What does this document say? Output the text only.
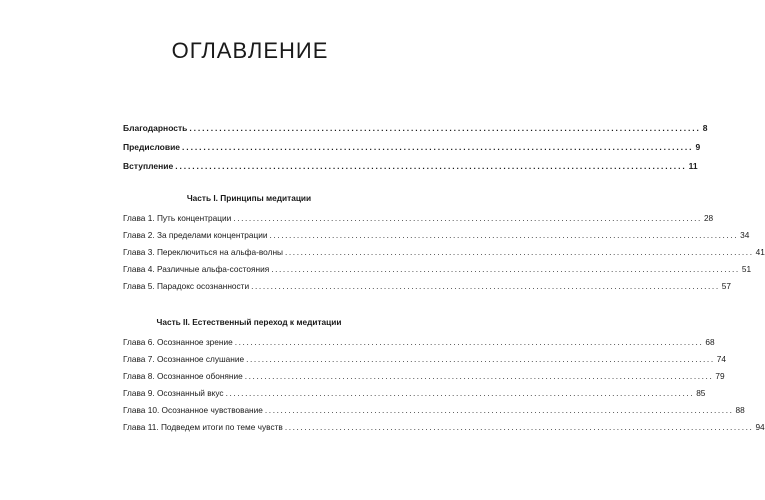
ОГЛАВЛЕНИЕ
Благодарность ........................................................................................................................ 8
Предисловие ........................................................................................................................ 9
Вступление ........................................................................................................................ 11
Часть I. Принципы медитации
Глава 1. Путь концентрации ........................................................................................................................ 28
Глава 2. За пределами концентрации ........................................................................................................................ 34
Глава 3. Переключиться на альфа-волны ........................................................................................................................ 41
Глава 4. Различные альфа-состояния ........................................................................................................................ 51
Глава 5. Парадокс осознанности ........................................................................................................................ 57
Часть II. Естественный переход к медитации
Глава 6. Осознанное зрение ........................................................................................................................ 68
Глава 7. Осознанное слушание ........................................................................................................................ 74
Глава 8. Осознанное обоняние ........................................................................................................................ 79
Глава 9. Осознанный вкус ........................................................................................................................ 85
Глава 10. Осознанное чувствование ........................................................................................................................ 88
Глава 11. Подведем итоги по теме чувств ........................................................................................................................ 94
